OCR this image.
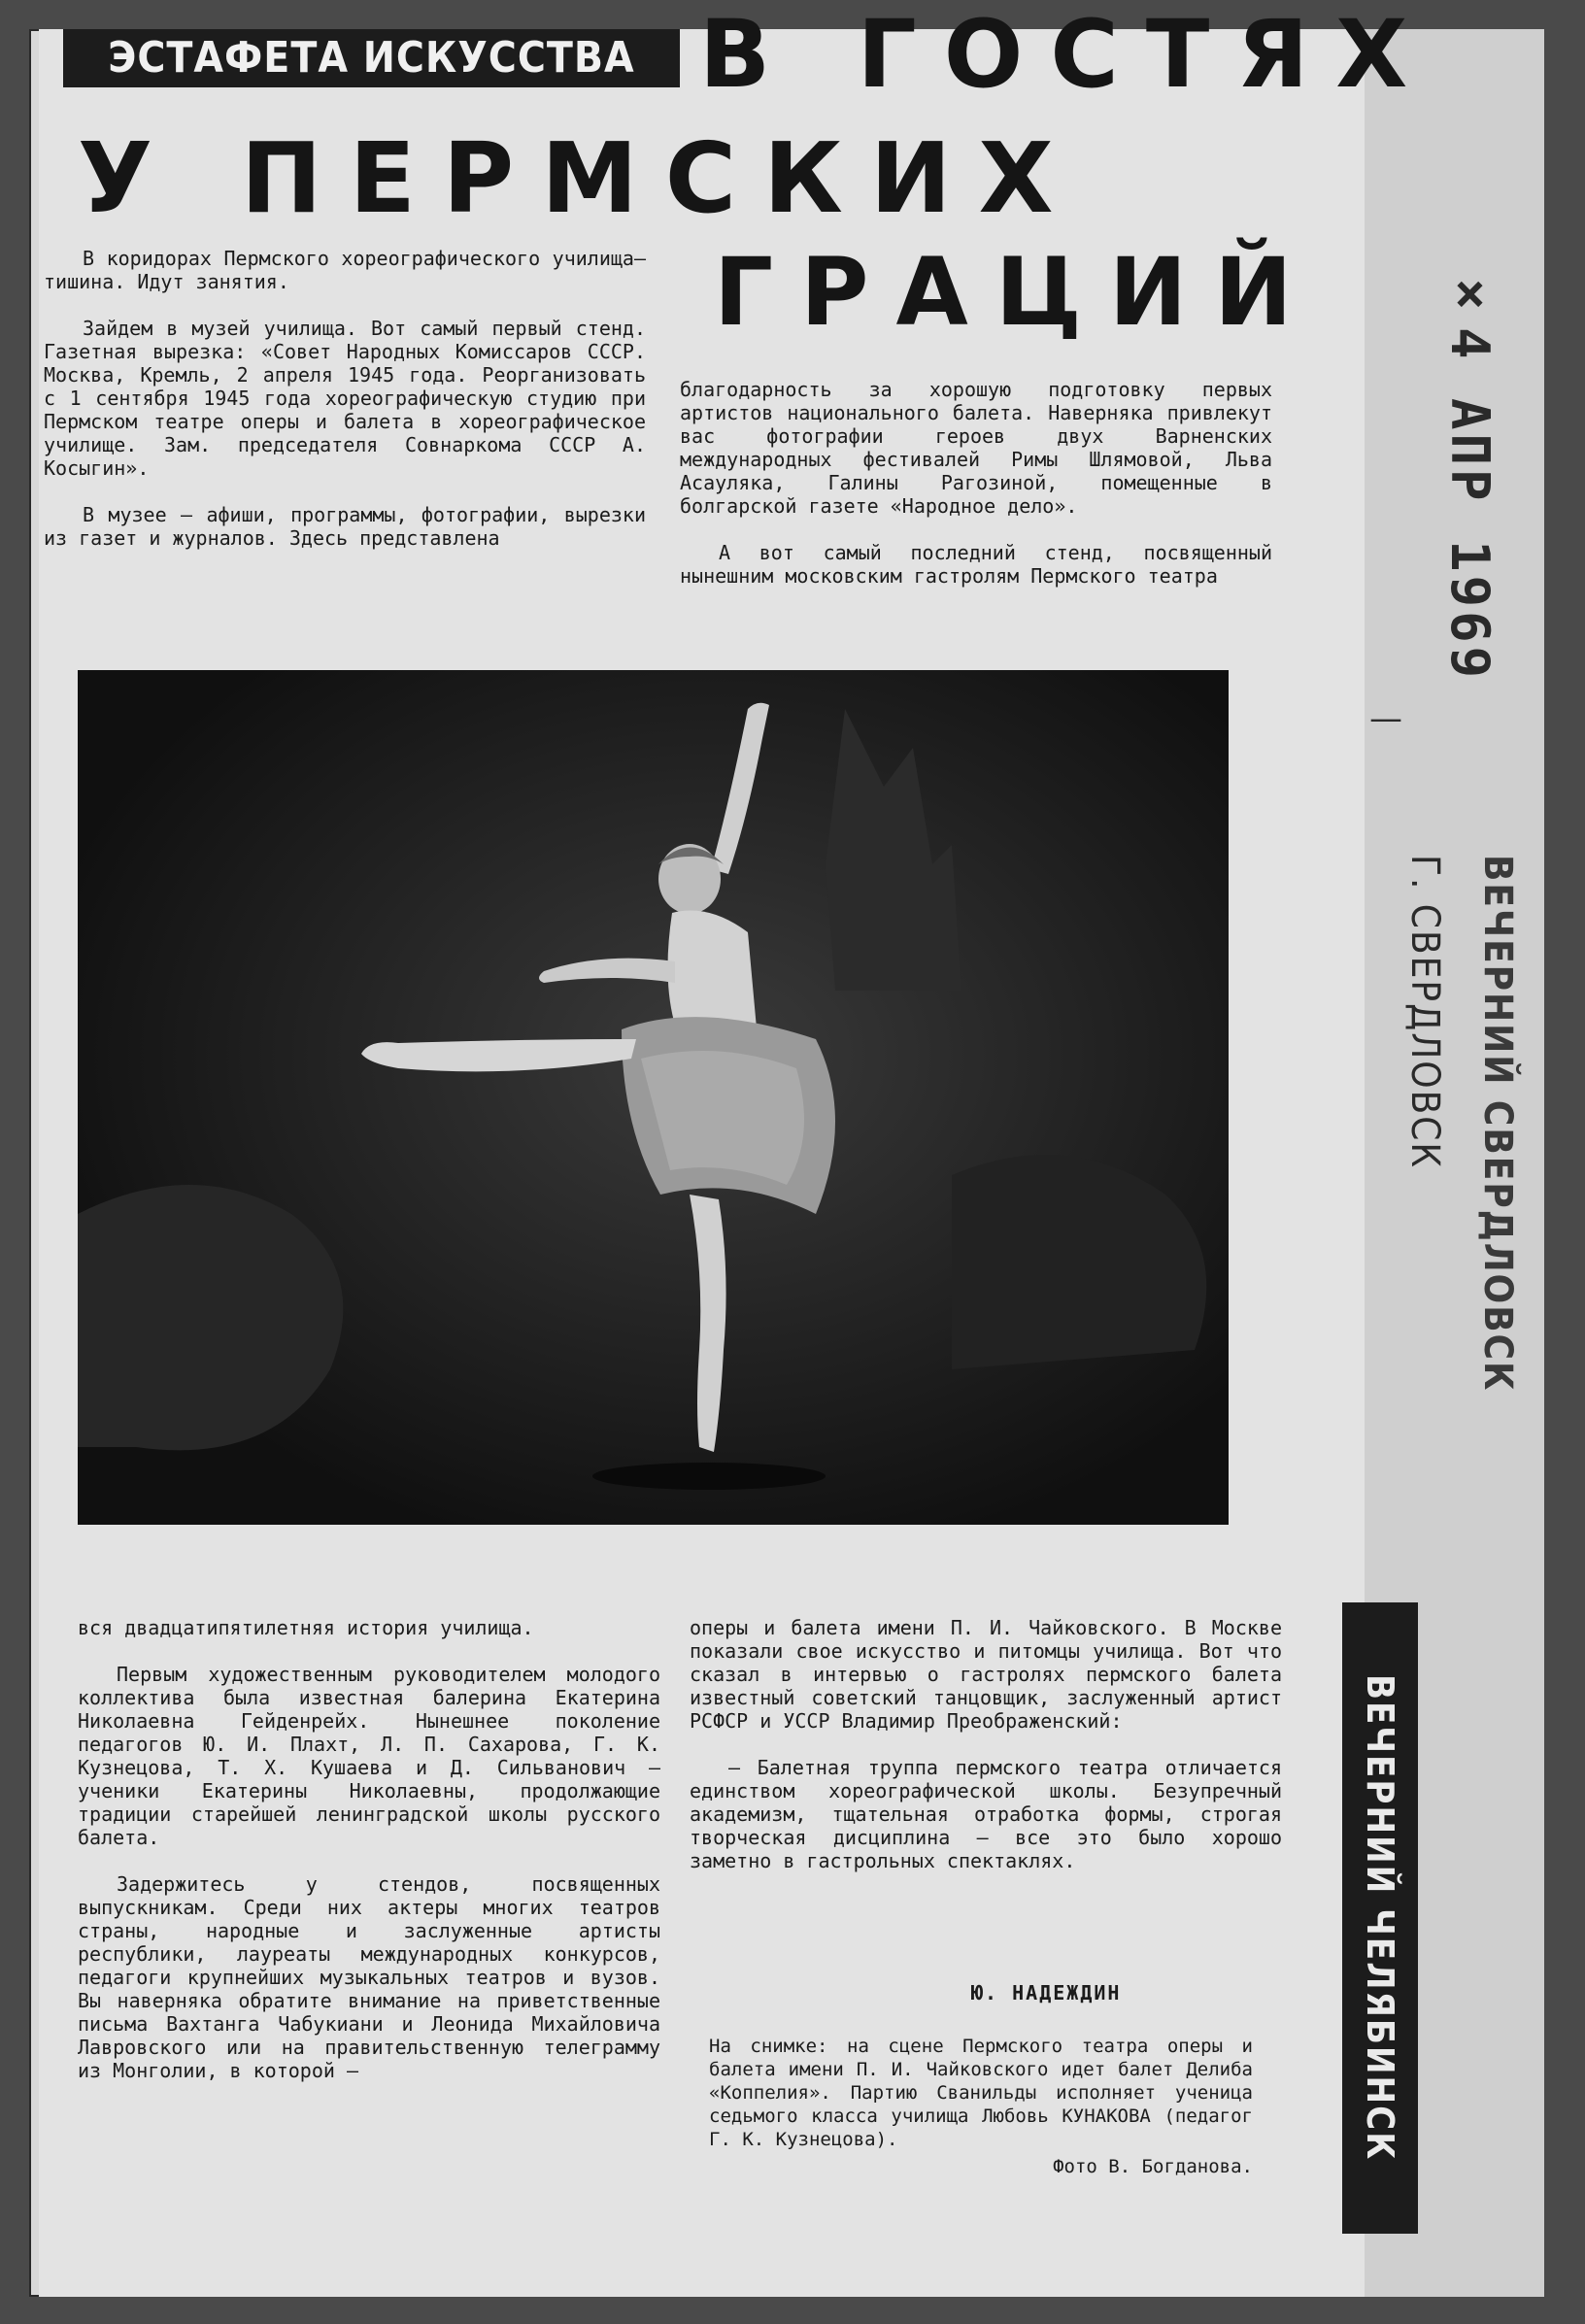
ЭСТАФЕТА ИСКУССТВА В ГОСТЯХ
У ПЕРМСКИХ
ГРАЦИЙ

В коридорах Пермского хореографического училища—тишина. Идут занятия.

Зайдем в музей училища. Вот самый первый стенд. Газетная вырезка: «Совет Народных Комиссаров СССР. Москва, Кремль, 2 апреля 1945 года. Реорганизовать с 1 сентября 1945 года хореографическую студию при Пермском театре оперы и балета в хореографическое училище. Зам. председателя Совнаркома СССР А. Косыгин».

В музее — афиши, программы, фотографии, вырезки из газет и журналов. Здесь представлена

благодарность за хорошую подготовку первых артистов национального балета. Наверняка привлекут вас фотографии героев двух Варненских международных фестивалей Римы Шлямовой, Льва Асауляка, Галины Рагозиной, помещенные в болгарской газете «Народное дело».

А вот самый последний стенд, посвященный нынешним московским гастролям Пермского театра

вся двадцатипятилетняя история училища.

Первым художественным руководителем молодого коллектива была известная балерина Екатерина Николаевна Гейденрейх. Нынешнее поколение педагогов Ю. И. Плахт, Л. П. Сахарова, Г. К. Кузнецова, Т. Х. Кушаева и Д. Сильванович — ученики Екатерины Николаевны, продолжающие традиции старейшей ленинградской школы русского балета.

Задержитесь у стендов, посвященных выпускникам. Среди них актеры многих театров страны, народные и заслуженные артисты республики, лауреаты международных конкурсов, педагоги крупнейших музыкальных театров и вузов. Вы наверняка обратите внимание на приветственные письма Вахтанга Чабукиани и Леонида Михайловича Лавровского или на правительственную телеграмму из Монголии, в которой —

оперы и балета имени П. И. Чайковского. В Москве показали свое искусство и питомцы училища. Вот что сказал в интервью о гастролях пермского балета известный советский танцовщик, заслуженный артист РСФСР и УССР Владимир Преображенский:

— Балетная труппа пермского театра отличается единством хореографической школы. Безупречный академизм, тщательная отработка формы, строгая творческая дисциплина — все это было хорошо заметно в гастрольных спектаклях.

Ю. НАДЕЖДИН
На снимке: на сцене Пермского театра оперы и балета имени П. И. Чайковского идет балет Делиба «Коппелия». Партию Сванильды исполняет ученица седьмого класса училища Любовь КУНАКОВА (педагог Г. К. Кузнецова).
Фото В. Богданова.
×4 АПР 1969
—
ВЕЧЕРНИЙ СВЕРДЛОВСК
Г. СВЕРДЛОВСК
ВЕЧЕРНИЙ ЧЕЛЯБИНСК
